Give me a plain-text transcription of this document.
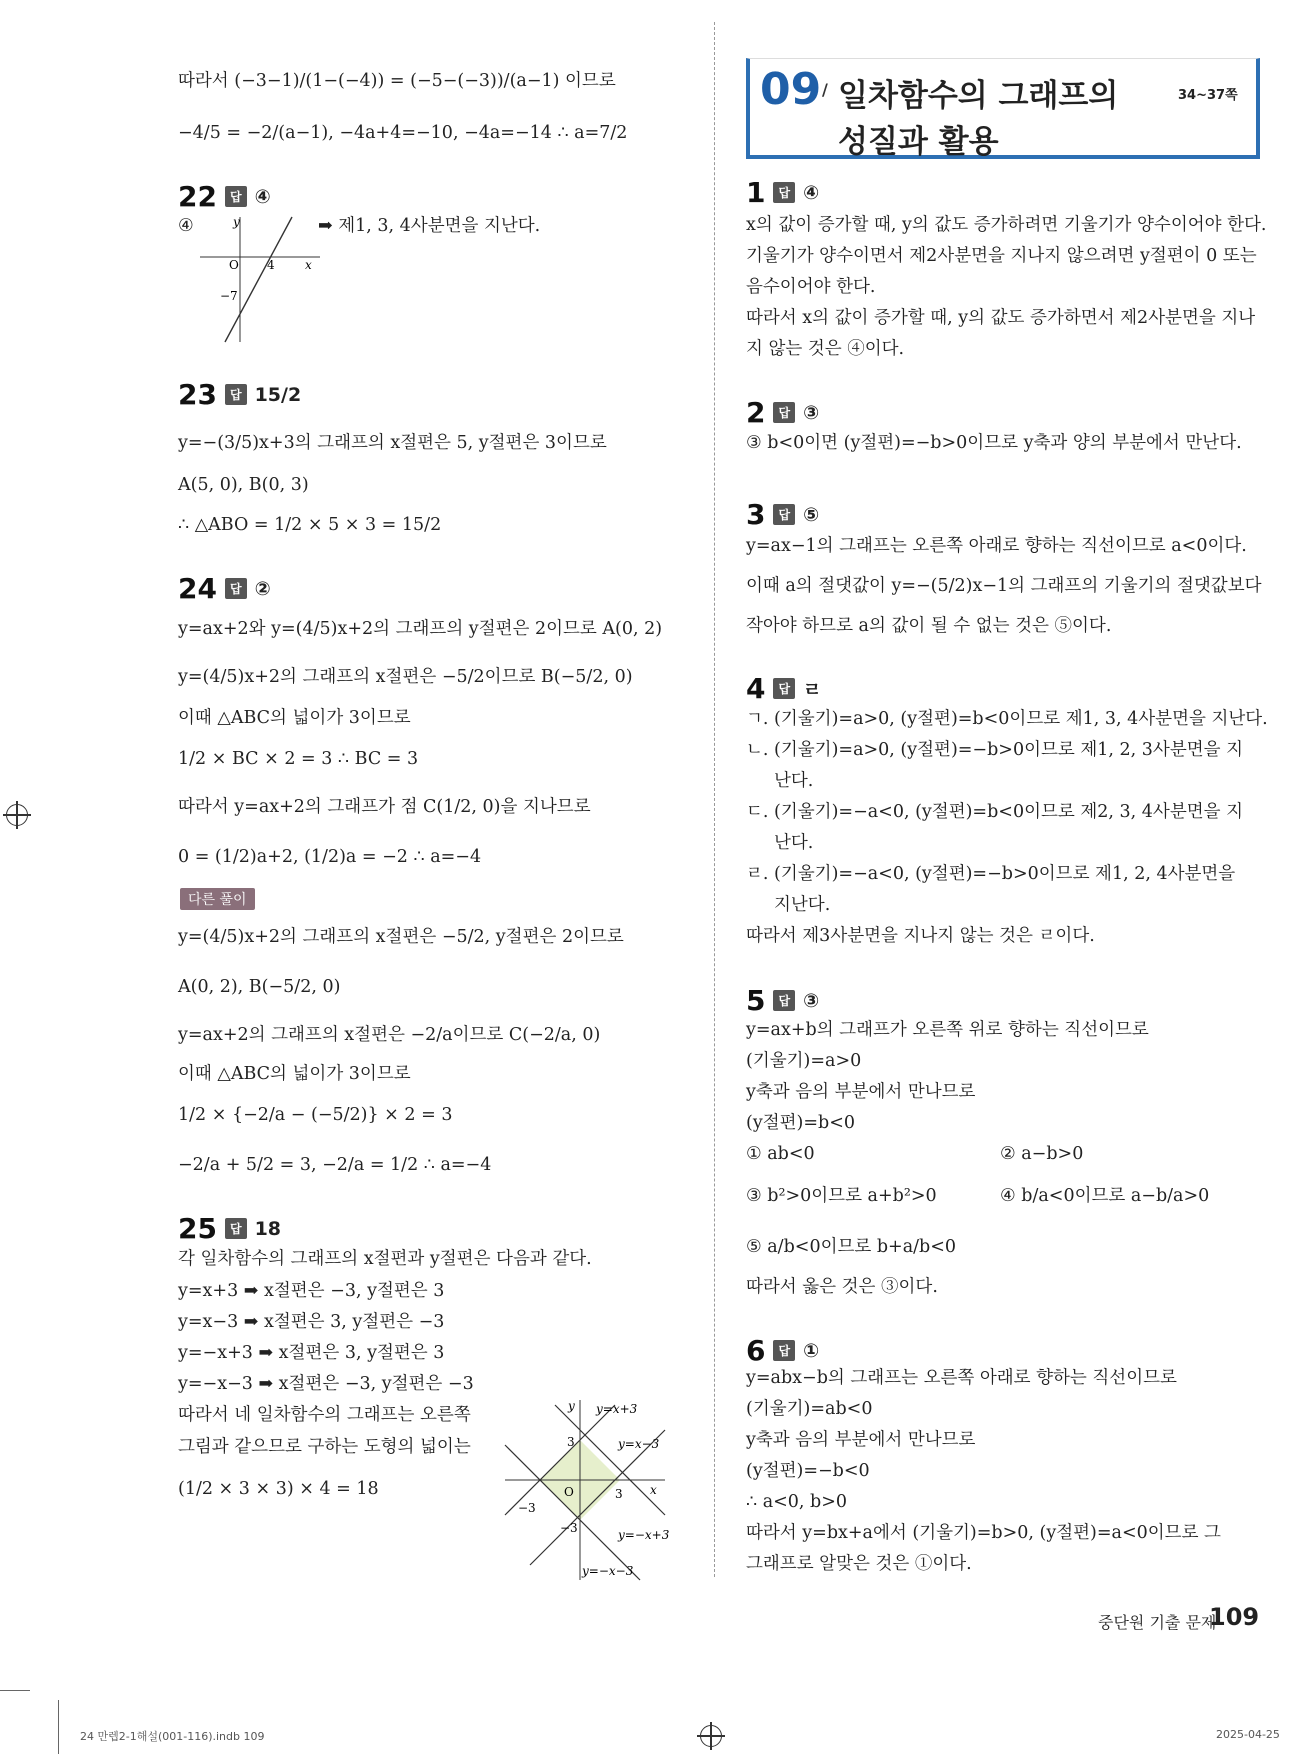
따라서 (−3−1)/(1−(−4)) = (−5−(−3))/(a−1) 이므로
−4/5 = −2/(a−1), −4a+4=−10, −4a=−14 ∴ a=7/2
22	답 ④
④	➡ 제1, 3, 4사분면을 지난다.
y
x
O 4
−7
23	답 15/2
y=−(3/5)x+3의 그래프의 x절편은 5, y절편은 3이므로
A(5, 0), B(0, 3)
∴ △ABO = 1/2 × 5 × 3 = 15/2
24	답 ②
y=ax+2와 y=(4/5)x+2의 그래프의 y절편은 2이므로 A(0, 2)
y=(4/5)x+2의 그래프의 x절편은 −5/2이므로 B(−5/2, 0)
이때 △ABC의 넓이가 3이므로
1/2 × BC × 2 = 3 ∴ BC = 3
따라서 y=ax+2의 그래프가 점 C(1/2, 0)을 지나므로
0 = (1/2)a+2, (1/2)a = −2 ∴ a=−4
다른 풀이
y=(4/5)x+2의 그래프의 x절편은 −5/2, y절편은 2이므로
A(0, 2), B(−5/2, 0)
y=ax+2의 그래프의 x절편은 −2/a이므로 C(−2/a, 0)
이때 △ABC의 넓이가 3이므로
1/2 × {−2/a − (−5/2)} × 2 = 3
−2/a + 5/2 = 3, −2/a = 1/2 ∴ a=−4
25	답 18
각 일차함수의 그래프의 x절편과 y절편은 다음과 같다.
y=x+3 ➡ x절편은 −3, y절편은 3
y=x−3 ➡ x절편은 3, y절편은 −3
y=−x+3 ➡ x절편은 3, y절편은 3
y=−x−3 ➡ x절편은 −3, y절편은 −3
따라서 네 일차함수의 그래프는 오른쪽
그림과 같으므로 구하는 도형의 넓이는
(1/2 × 3 × 3) × 4 = 18
y
x
O
y=x+3
y=x−3
y=−x+3
y=−x−3
3
−3
3
−3
09 / 일차함수의 그래프의
성질과 활용
34~37쪽
1	답 ④
x의 값이 증가할 때, y의 값도 증가하려면 기울기가 양수이어야 한다.
기울기가 양수이면서 제2사분면을 지나지 않으려면 y절편이 0 또는
음수이어야 한다.
따라서 x의 값이 증가할 때, y의 값도 증가하면서 제2사분면을 지나
지 않는 것은 ④이다.
2	답 ③
③ b<0이면 (y절편)=−b>0이므로 y축과 양의 부분에서 만난다.
3	답 ⑤
y=ax−1의 그래프는 오른쪽 아래로 향하는 직선이므로 a<0이다.
이때 a의 절댓값이 y=−(5/2)x−1의 그래프의 기울기의 절댓값보다
작아야 하므로 a의 값이 될 수 없는 것은 ⑤이다.
4	답 ㄹ
ㄱ. (기울기)=a>0, (y절편)=b<0이므로 제1, 3, 4사분면을 지난다.
ㄴ. (기울기)=a>0, (y절편)=−b>0이므로 제1, 2, 3사분면을 지
난다.
ㄷ. (기울기)=−a<0, (y절편)=b<0이므로 제2, 3, 4사분면을 지
난다.
ㄹ. (기울기)=−a<0, (y절편)=−b>0이므로 제1, 2, 4사분면을
지난다.
따라서 제3사분면을 지나지 않는 것은 ㄹ이다.
5	답 ③
y=ax+b의 그래프가 오른쪽 위로 향하는 직선이므로
(기울기)=a>0
y축과 음의 부분에서 만나므로
(y절편)=b<0
① ab<0	② a−b>0
③ b²>0이므로 a+b²>0	④ b/a<0이므로 a−b/a>0
⑤ a/b<0이므로 b+a/b<0
따라서 옳은 것은 ③이다.
6	답 ①
y=abx−b의 그래프는 오른쪽 아래로 향하는 직선이므로
(기울기)=ab<0
y축과 음의 부분에서 만나므로
(y절편)=−b<0
∴ a<0, b>0
따라서 y=bx+a에서 (기울기)=b>0, (y절편)=a<0이므로 그
그래프로 알맞은 것은 ①이다.
중단원 기출 문제
109
24 만렙2-1해설(001-116).indb 109	2025-04-25
